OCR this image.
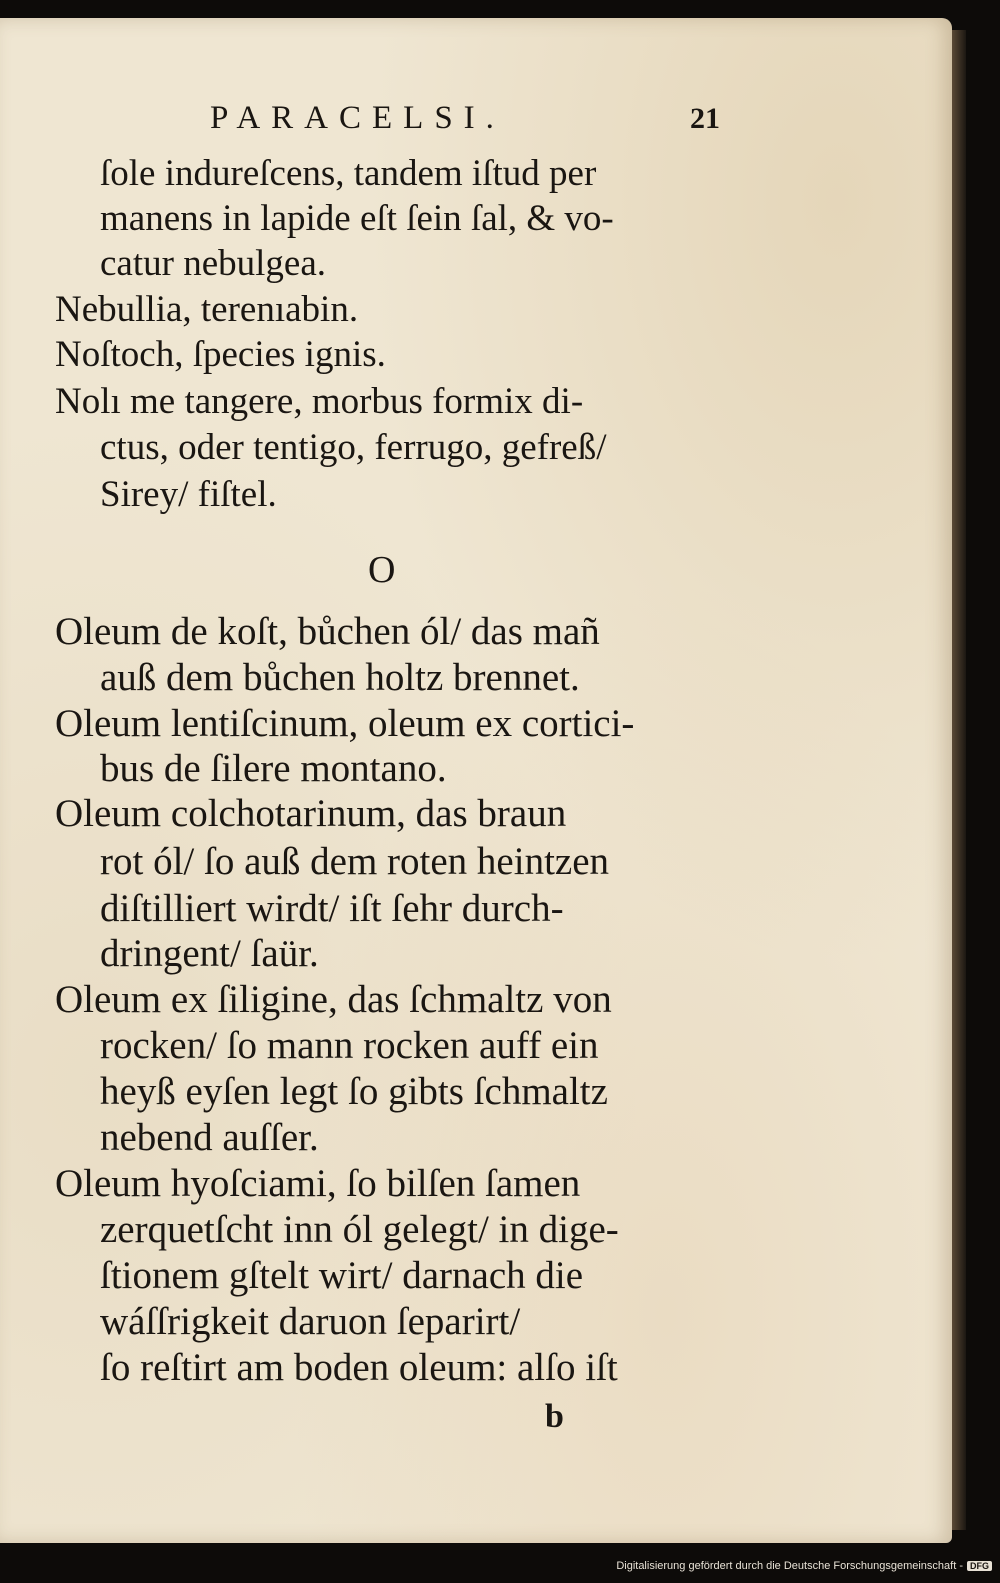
PARACELSI.	21
ſole indureſcens, tandem iſtud per
manens in lapide eſt ſein ſal, & vo-
catur nebulgea.
Nebullia, terenıabin.
Noſtoch, ſpecies ignis.
Nolı me tangere, morbus formix di-
ctus, oder tentigo, ferrugo, gefreß/
Sirey/ fiſtel.
O
Oleum de koſt, bůchen ól/ das mañ
auß dem bůchen holtz brennet.
Oleum lentiſcinum, oleum ex cortici-
bus de ſilere montano.
Oleum colchotarinum, das braun
rot ól/ ſo auß dem roten heintzen
diſtilliert wirdt/ iſt ſehr durch-
dringent/ ſaür.
Oleum ex ſiligine, das ſchmaltz von
rocken/ ſo mann rocken auff ein
heyß eyſen legt ſo gibts ſchmaltz
nebend auſſer.
Oleum hyoſciami, ſo bilſen ſamen
zerquetſcht inn ól gelegt/ in dige-
ſtionem gſtelt wirt/ darnach die
wáſſrigkeit daruon ſeparirt/
ſo reſtirt am boden oleum: alſo iſt
b
Digitalisierung gefördert durch die Deutsche Forschungsgemeinschaft - DFG
